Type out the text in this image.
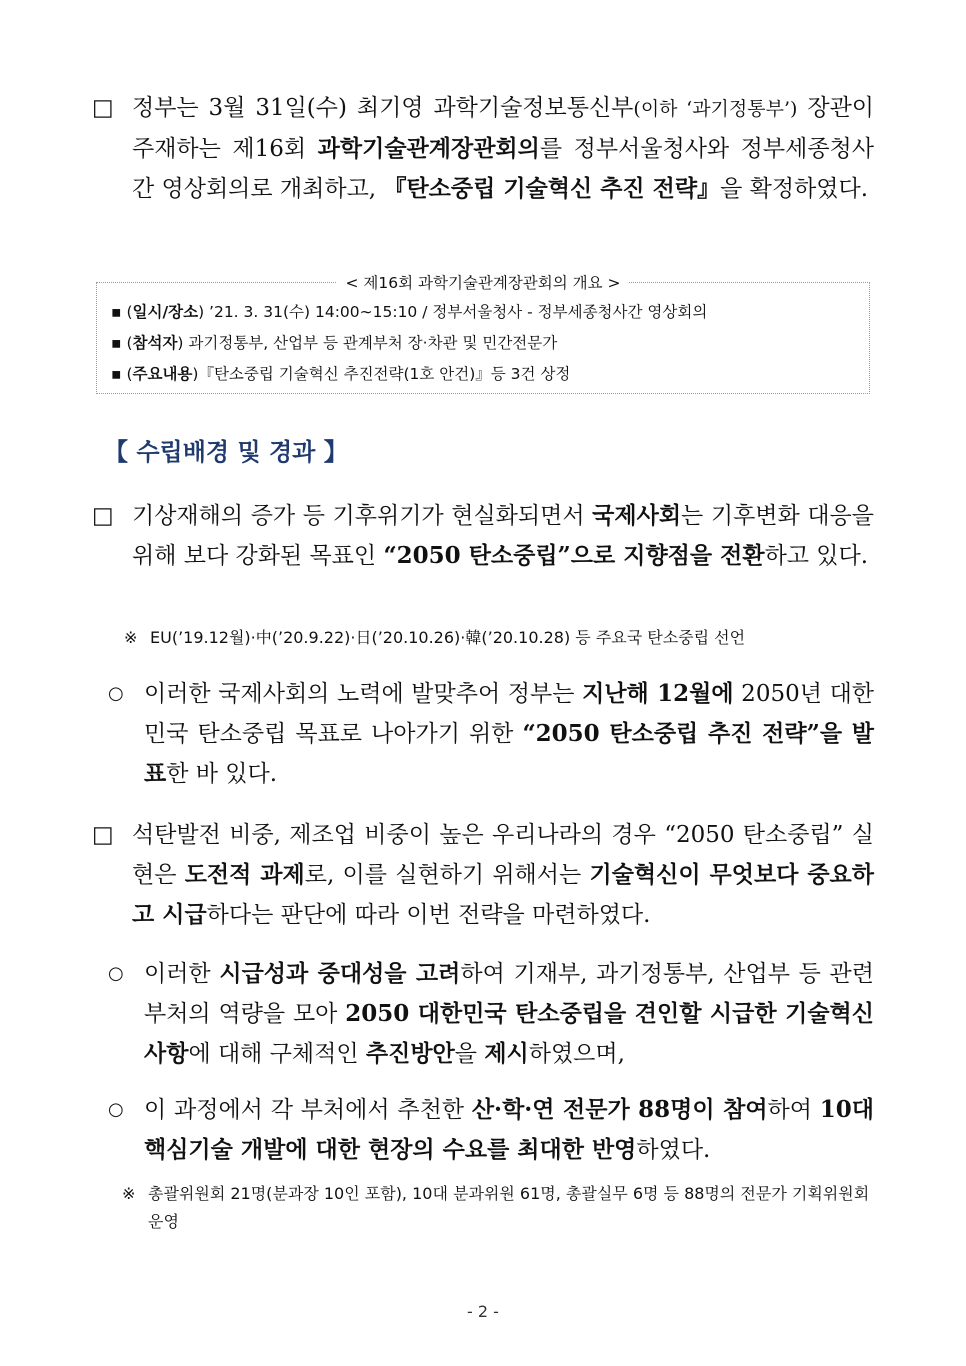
□ 정부는 3월 31일(수) 최기영 과학기술정보통신부(이하 ‘과기정통부’) 장관이 주재하는 제16회 과학기술관계장관회의를 정부서울청사와 정부세종청사 간 영상회의로 개최하고, 『탄소중립 기술혁신 추진 전략』을 확정하였다.
< 제16회 과학기술관계장관회의 개요 >
▪ (일시/장소) ’21. 3. 31(수) 14:00∼15:10 / 정부서울청사 - 정부세종청사간 영상회의
▪ (참석자) 과기정통부, 산업부 등 관계부처 장·차관 및 민간전문가
▪ (주요내용)『탄소중립 기술혁신 추진전략(1호 안건)』등 3건 상정
【 수립배경 및 경과 】
□ 기상재해의 증가 등 기후위기가 현실화되면서 국제사회는 기후변화 대응을 위해 보다 강화된 목표인 “2050 탄소중립”으로 지향점을 전환하고 있다.
※ EU(’19.12월)·中(’20.9.22)·日(’20.10.26)·韓(’20.10.28) 등 주요국 탄소중립 선언
○ 이러한 국제사회의 노력에 발맞추어 정부는 지난해 12월에 2050년 대한민국 탄소중립 목표로 나아가기 위한 “2050 탄소중립 추진 전략”을 발표한 바 있다.
□ 석탄발전 비중, 제조업 비중이 높은 우리나라의 경우 “2050 탄소중립” 실현은 도전적 과제로, 이를 실현하기 위해서는 기술혁신이 무엇보다 중요하고 시급하다는 판단에 따라 이번 전략을 마련하였다.
○ 이러한 시급성과 중대성을 고려하여 기재부, 과기정통부, 산업부 등 관련부처의 역량을 모아 2050 대한민국 탄소중립을 견인할 시급한 기술혁신 사항에 대해 구체적인 추진방안을 제시하였으며,
○ 이 과정에서 각 부처에서 추천한 산·학·연 전문가 88명이 참여하여 10대 핵심기술 개발에 대한 현장의 수요를 최대한 반영하였다.
※ 총괄위원회 21명(분과장 10인 포함), 10대 분과위원 61명, 총괄실무 6명 등 88명의 전문가 기획위원회 운영
- 2 -
